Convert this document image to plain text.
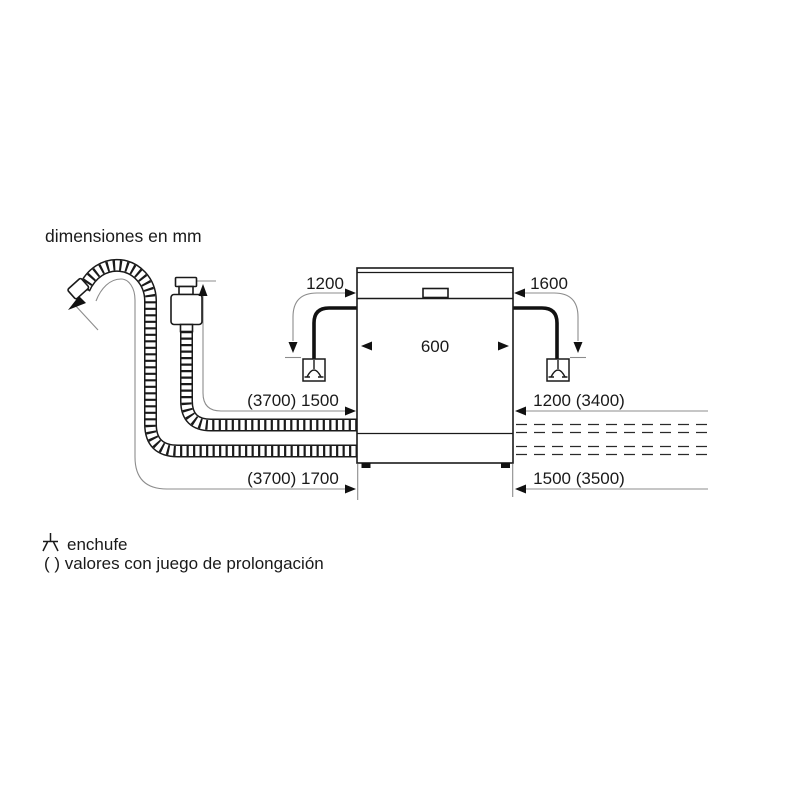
dimensiones en mm
1200	1600
600
(3700) 1500
(3700) 1700
1200 (3400)
1500 (3500)
enchufe
( ) valores con juego de prolongación
